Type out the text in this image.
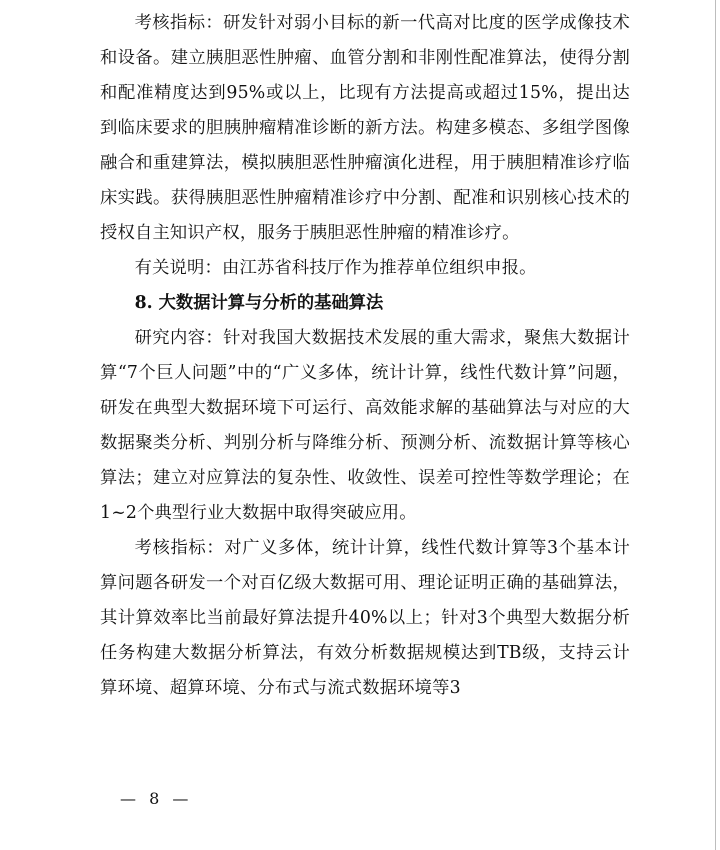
考核指标：研发针对弱小目标的新一代高对比度的医学成像技术和设备。建立胰胆恶性肿瘤、血管分割和非刚性配准算法，使得分割和配准精度达到95%或以上，比现有方法提高或超过15%，提出达到临床要求的胆胰肿瘤精准诊断的新方法。构建多模态、多组学图像融合和重建算法，模拟胰胆恶性肿瘤演化进程，用于胰胆精准诊疗临床实践。获得胰胆恶性肿瘤精准诊疗中分割、配准和识别核心技术的授权自主知识产权，服务于胰胆恶性肿瘤的精准诊疗。

有关说明：由江苏省科技厅作为推荐单位组织申报。

8. 大数据计算与分析的基础算法

研究内容：针对我国大数据技术发展的重大需求，聚焦大数据计算“7个巨人问题”中的“广义多体，统计计算，线性代数计算”问题，研发在典型大数据环境下可运行、高效能求解的基础算法与对应的大数据聚类分析、判别分析与降维分析、预测分析、流数据计算等核心算法；建立对应算法的复杂性、收敛性、误差可控性等数学理论；在1~2个典型行业大数据中取得突破应用。

考核指标：对广义多体，统计计算，线性代数计算等3个基本计算问题各研发一个对百亿级大数据可用、理论证明正确的基础算法，其计算效率比当前最好算法提升40%以上；针对3个典型大数据分析任务构建大数据分析算法，有效分析数据规模达到TB级，支持云计算环境、超算环境、分布式与流式数据环境等3

— 8 —
